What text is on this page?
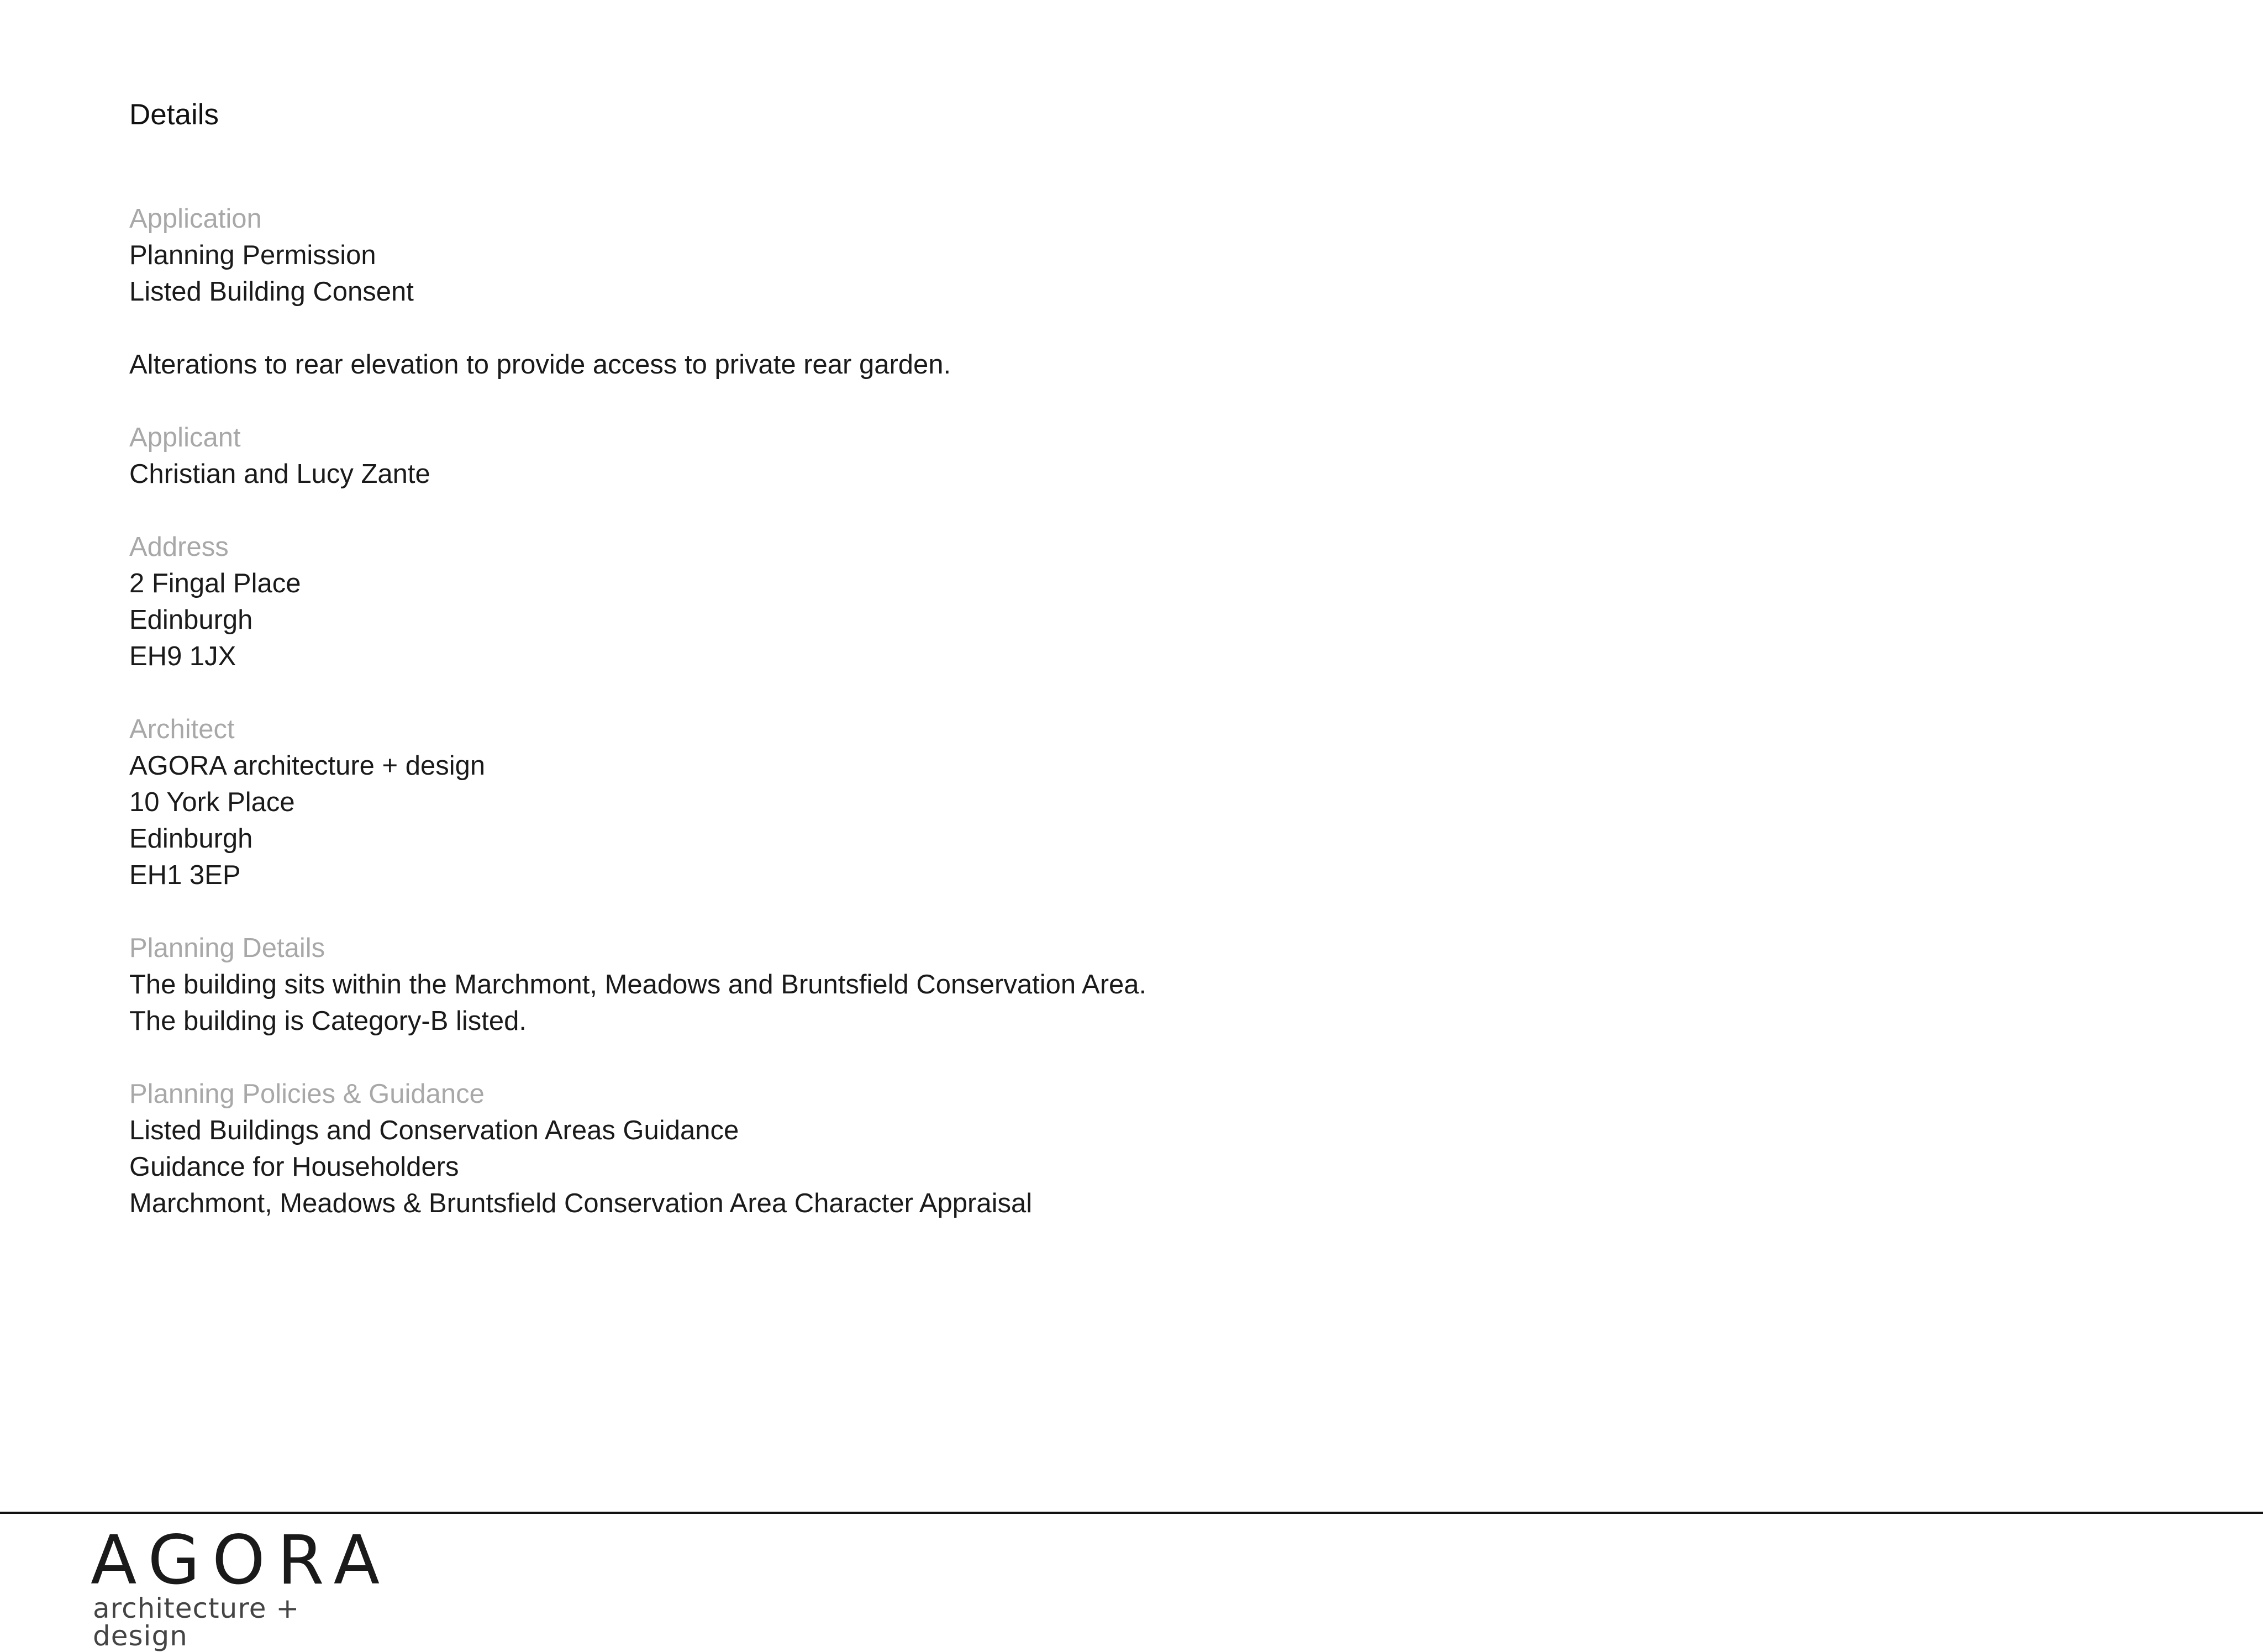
Details
Application
Planning Permission
Listed Building Consent
Alterations to rear elevation to provide access to private rear garden.
Applicant
Christian and Lucy Zante
Address
2 Fingal Place
Edinburgh
EH9 1JX
Architect
AGORA architecture + design
10 York Place
Edinburgh
EH1 3EP
Planning Details
The building sits within the Marchmont, Meadows and Bruntsfield Conservation Area.
The building is Category-B listed.
Planning Policies & Guidance
Listed Buildings and Conservation Areas Guidance
Guidance for Householders
Marchmont, Meadows & Bruntsfield Conservation Area Character Appraisal
AGORA
architecture + design
